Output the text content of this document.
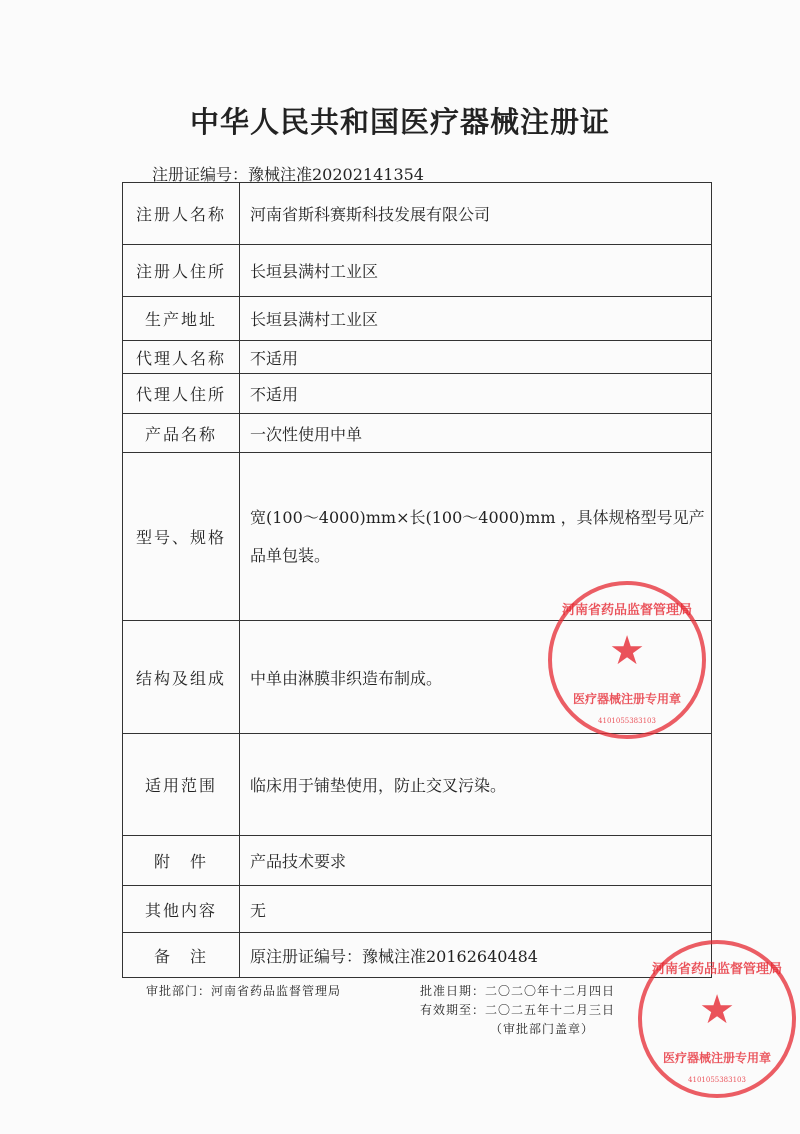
中华人民共和国医疗器械注册证
注册证编号：豫械注准20202141354
注册人名称	河南省斯科赛斯科技发展有限公司
注册人住所	长垣县满村工业区
生产地址	长垣县满村工业区
代理人名称	不适用
代理人住所	不适用
产品名称	一次性使用中单
型号、规格	宽(100～4000)mm×长(100～4000)mm ，具体规格型号见产品单包装。
结构及组成	中单由淋膜非织造布制成。
适用范围	临床用于铺垫使用，防止交叉污染。
附　件	产品技术要求
其他内容	无
备　注	原注册证编号：豫械注准20162640484
审批部门：河南省药品监督管理局	批准日期：二〇二〇年十二月四日
有效期至：二〇二五年十二月三日
（审批部门盖章）
河南省药品监督管理局
★
医疗器械注册专用章
4101055383103
河南省药品监督管理局
★
医疗器械注册专用章
4101055383103
